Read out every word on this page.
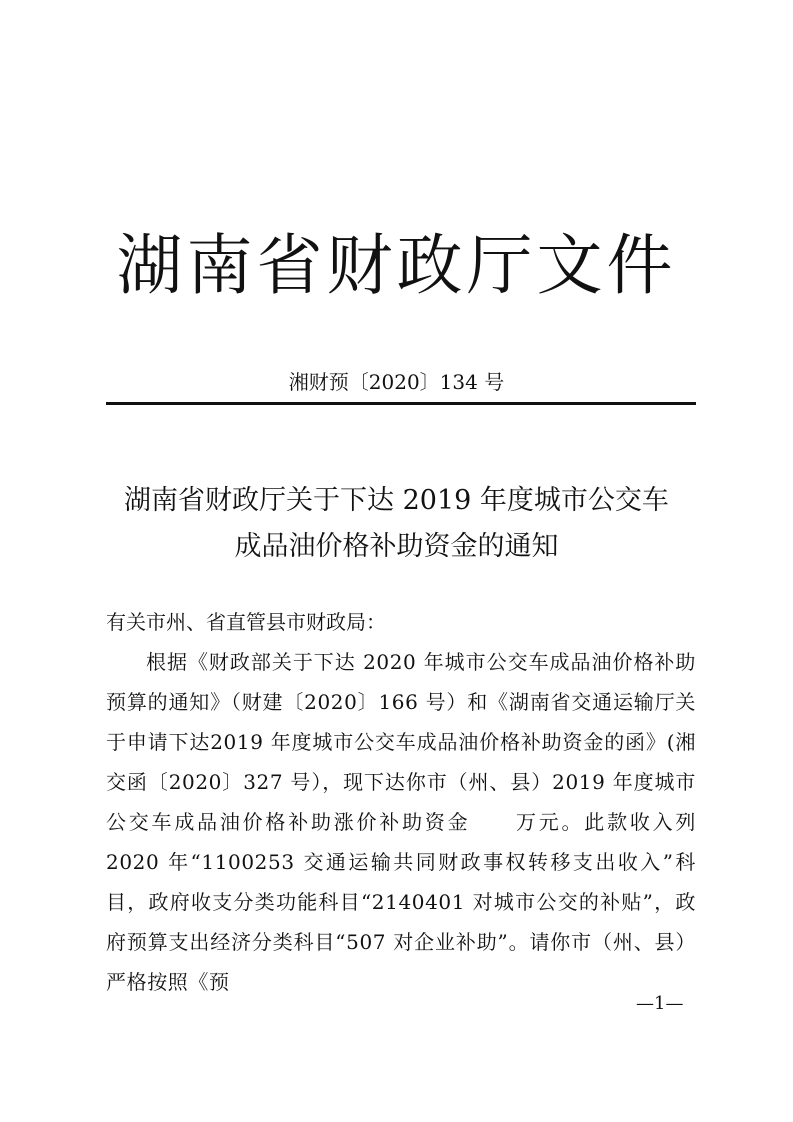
湖南省财政厅文件
湘财预〔2020〕134 号
湖南省财政厅关于下达 2019 年度城市公交车
成品油价格补助资金的通知
有关市州、省直管县市财政局：
根据《财政部关于下达 2020 年城市公交车成品油价格补助预算的通知》（财建〔2020〕166 号）和《湖南省交通运输厅关于申请下达2019 年度城市公交车成品油价格补助资金的函》(湘交函〔2020〕327 号），现下达你市（州、县）2019 年度城市公交车成品油价格补助涨价补助资金　　万元。此款收入列 2020 年“1100253 交通运输共同财政事权转移支出收入”科目，政府收支分类功能科目“2140401 对城市公交的补贴”，政府预算支出经济分类科目“507 对企业补助”。请你市（州、县）严格按照《预
—1—
